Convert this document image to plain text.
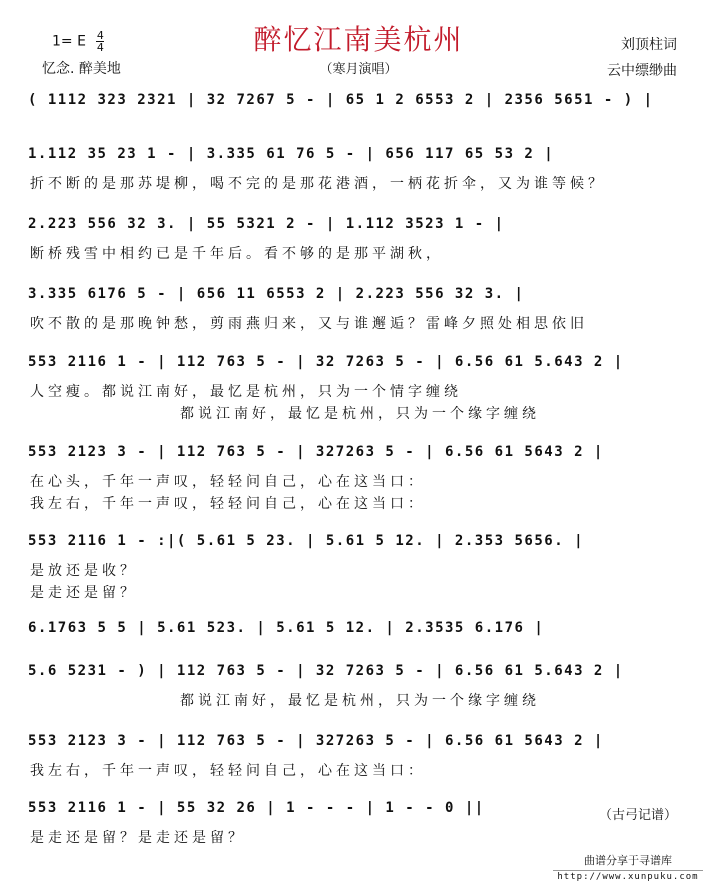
醉忆江南美杭州
1= E $\frac{4}{4}$	刘顶柱词
忆念. 醉美地	（寒月演唱）	云中缥缈曲
( 1112 323 2321 | 32 7267 5 - | 65 1 2 6553 2 | 2356 5651 - ) |
1.112 35 23 1 - | 3.335 61 76 5 - | 656 117 65 53 2 |
2.223 556 32 3. | 55 5321 2 - | 1.112 3523 1 - |
3.335 6176 5 - | 656 11 6553 2 | 2.223 556 32 3. |
553 2116 1 - | 112 763 5 - | 32 7263 5 - | 6.56 61 5.643 2 |
553 2123 3 - | 112 763 5 - | 327263 5 - | 6.56 61 5643 2 |
553 2116 1 - :|( 5.61 5 23. | 5.61 5 12. | 2.353 5656. |
6.1763 5 5 | 5.61 523. | 5.61 5 12. | 2.3535 6.176 |
5.6 5231 - ) | 112 763 5 - | 32 7263 5 - | 6.56 61 5.643 2 |
553 2123 3 - | 112 763 5 - | 327263 5 - | 6.56 61 5643 2 |
553 2116 1 - | 55 32 26 | 1 - - - | 1 - - 0 ||
折不断的是那苏堤柳，喝不完的是那花港酒，一柄花折伞，又为谁等候？
断桥残雪中相约已是千年后。看不够的是那平湖秋，
吹不散的是那晚钟愁，剪雨燕归来，又与谁邂逅？雷峰夕照处相思依旧
人空瘦。都说江南好，最忆是杭州，只为一个情字缠绕
都说江南好，最忆是杭州，只为一个缘字缠绕
在心头，千年一声叹，轻轻问自己，心在这当口：
我左右，千年一声叹，轻轻问自己，心在这当口：
是放还是收？
是走还是留？
都说江南好，最忆是杭州，只为一个缘字缠绕
我左右，千年一声叹，轻轻问自己，心在这当口：
是走还是留？是走还是留？
（古弓记谱）
曲谱分享于寻谱库
http://www.xunpuku.com
